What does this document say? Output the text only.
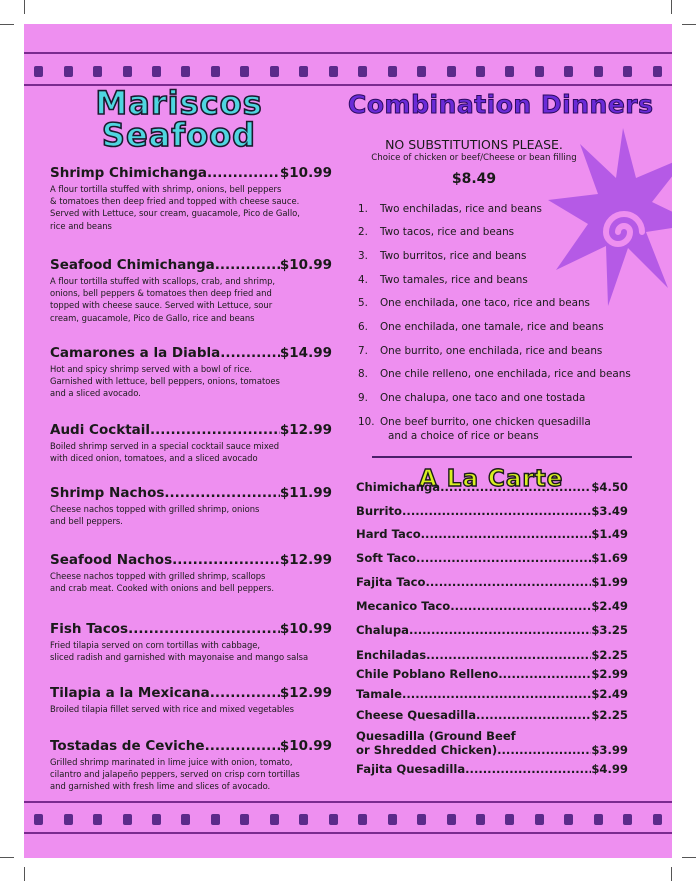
Mariscos
Seafood
Shrimp Chimichanga .....	$10.99
A flour tortilla stuffed with shrimp, onions, bell peppers
& tomatoes then deep fried and topped with cheese sauce.
Served with Lettuce, sour cream, guacamole, Pico de Gallo,
rice and beans
Seafood Chimichanga .....	$10.99
A flour tortilla stuffed with scallops, crab, and shrimp,
onions, bell peppers & tomatoes then deep fried and
topped with cheese sauce. Served with Lettuce, sour
cream, guacamole, Pico de Gallo, rice and beans
Camarones a la Diabla .....	$14.99
Hot and spicy shrimp served with a bowl of rice.
Garnished with lettuce, bell peppers, onions, tomatoes
and a sliced avocado.
Audi Cocktail .....	$12.99
Boiled shrimp served in a special cocktail sauce mixed
with diced onion, tomatoes, and a sliced avocado
Shrimp Nachos .....	$11.99
Cheese nachos topped with grilled shrimp, onions
and bell peppers.
Seafood Nachos .....	$12.99
Cheese nachos topped with grilled shrimp, scallops
and crab meat. Cooked with onions and bell peppers.
Fish Tacos .....	$10.99
Fried tilapia served on corn tortillas with cabbage,
sliced radish and garnished with mayonaise and mango salsa
Tilapia a la Mexicana .....	$12.99
Broiled tilapia fillet served with rice and mixed vegetables
Tostadas de Ceviche .....	$10.99
Grilled shrimp marinated in lime juice with onion, tomato,
cilantro and jalapeño peppers, served on crisp corn tortillas
and garnished with fresh lime and slices of avocado.
Combination Dinners
NO SUBSTITUTIONS PLEASE.
Choice of chicken or beef/Cheese or bean filling
$8.49
1. Two enchiladas, rice and beans
2. Two tacos, rice and beans
3. Two burritos, rice and beans
4. Two tamales, rice and beans
5. One enchilada, one taco, rice and beans
6. One enchilada, one tamale, rice and beans
7. One burrito, one enchilada, rice and beans
8. One chile relleno, one enchilada, rice and beans
9. One chalupa, one taco and one tostada
10. One beef burrito, one chicken quesadilla
and a choice of rice or beans
A La Carte
Chimichanga .....	$4.50
Burrito .....	$3.49
Hard Taco .....	$1.49
Soft Taco .....	$1.69
Fajita Taco .....	$1.99
Mecanico Taco .....	$2.49
Chalupa .....	$3.25
Enchiladas .....	$2.25
Chile Poblano Relleno .....	$2.99
Tamale .....	$2.49
Cheese Quesadilla .....	$2.25
Quesadilla (Ground Beef
or Shredded Chicken) .....	$3.99
Fajita Quesadilla .....	$4.99
